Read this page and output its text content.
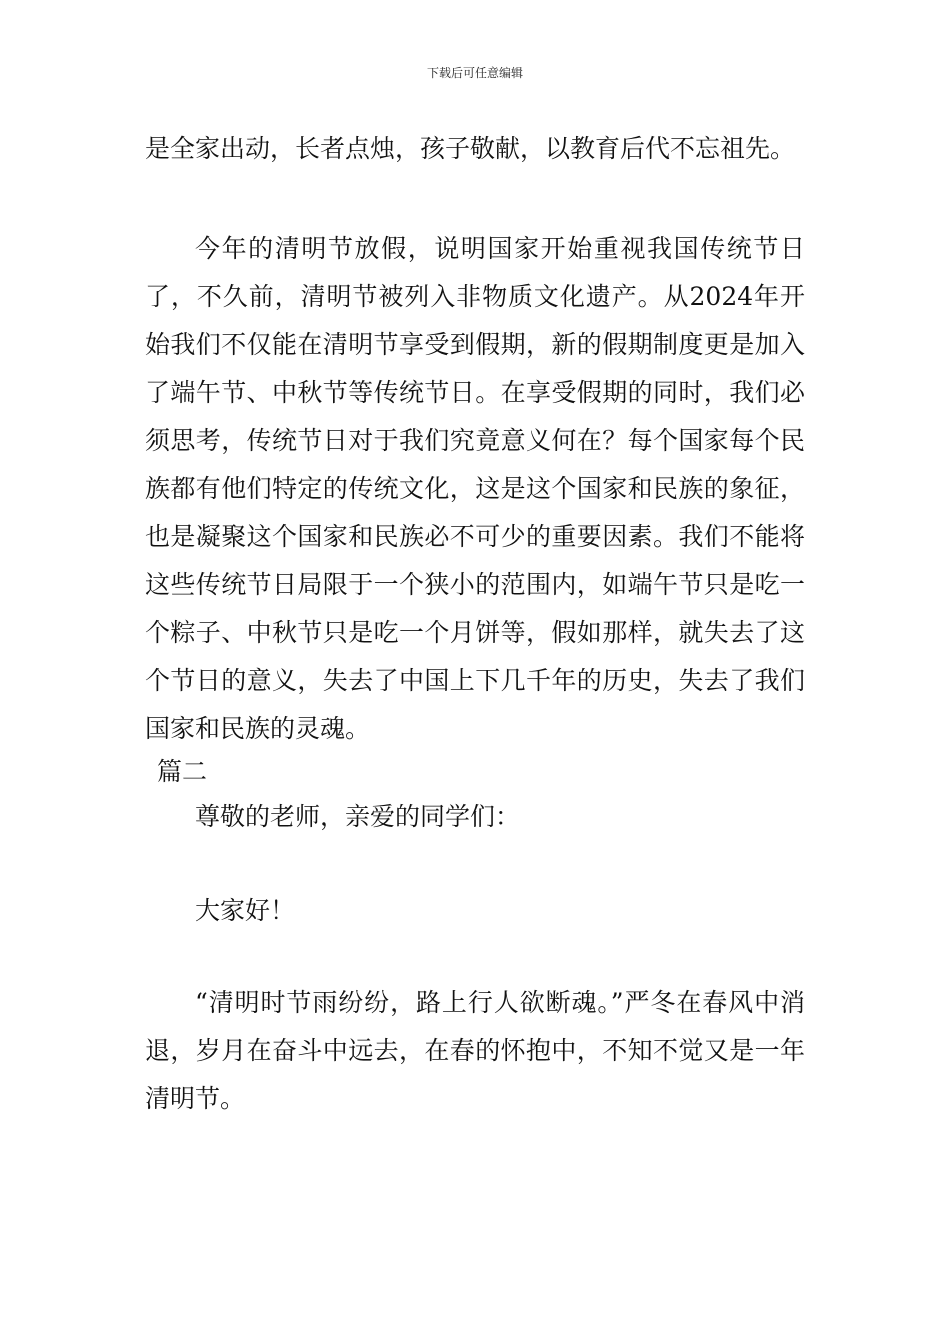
下载后可任意编辑

是全家出动，长者点烛，孩子敬献，以教育后代不忘祖先。

今年的清明节放假，说明国家开始重视我国传统节日了，不久前，清明节被列入非物质文化遗产。从2024年开始我们不仅能在清明节享受到假期，新的假期制度更是加入了端午节、中秋节等传统节日。在享受假期的同时，我们必须思考，传统节日对于我们究竟意义何在？每个国家每个民族都有他们特定的传统文化，这是这个国家和民族的象征，也是凝聚这个国家和民族必不可少的重要因素。我们不能将这些传统节日局限于一个狭小的范围内，如端午节只是吃一个粽子、中秋节只是吃一个月饼等，假如那样，就失去了这个节日的意义，失去了中国上下几千年的历史，失去了我们国家和民族的灵魂。

篇二

尊敬的老师，亲爱的同学们：

大家好！

“清明时节雨纷纷，路上行人欲断魂。”严冬在春风中消退，岁月在奋斗中远去，在春的怀抱中，不知不觉又是一年清明节。
